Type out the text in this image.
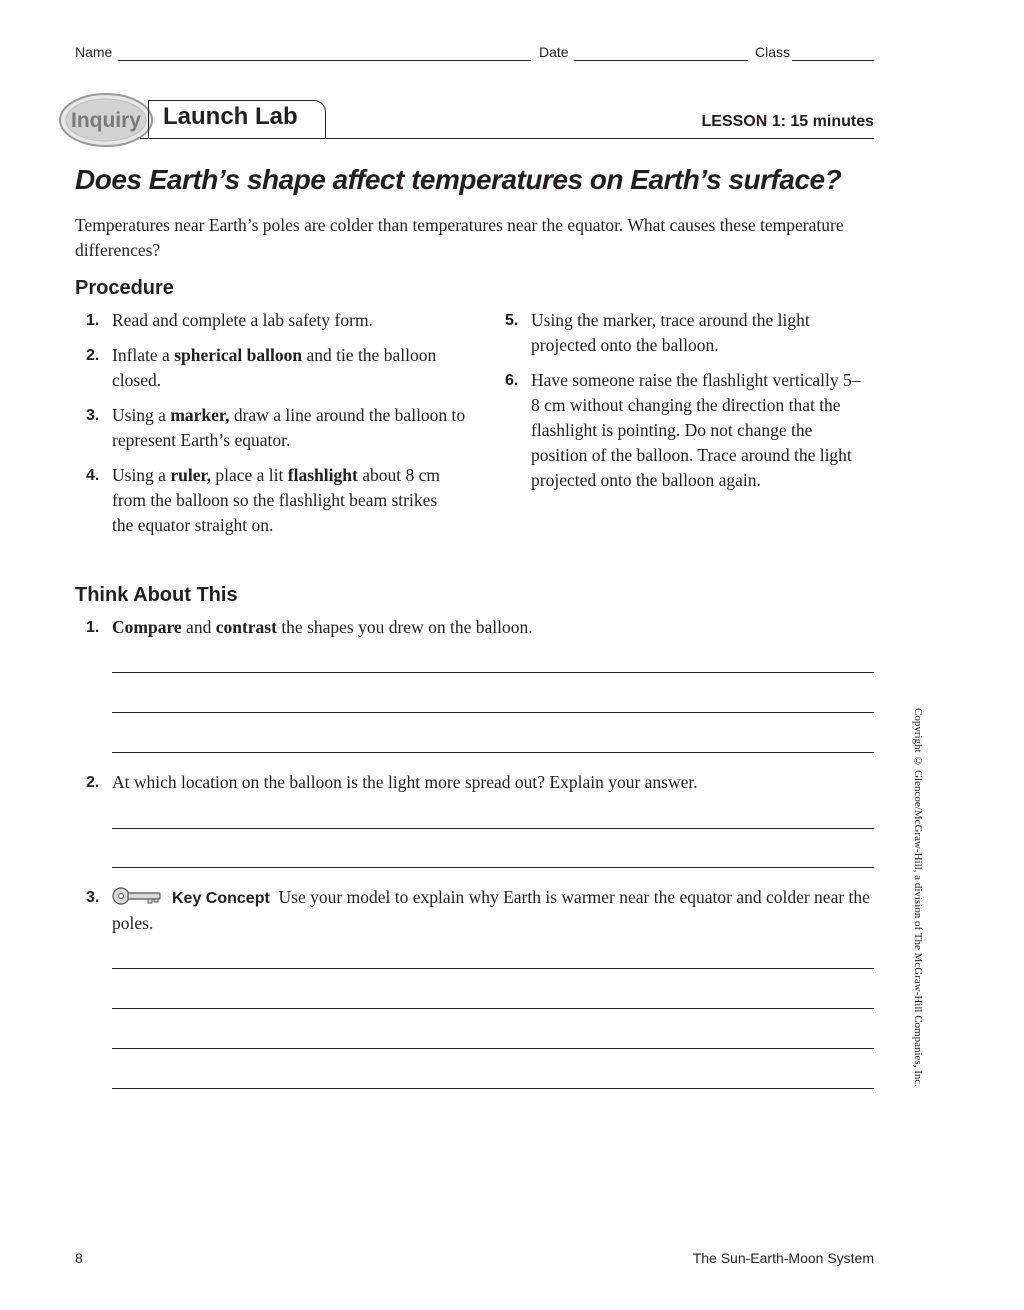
Name	Date	Class
Inquiry Launch Lab	LESSON 1: 15 minutes
Does Earth’s shape affect temperatures on Earth’s surface?
Temperatures near Earth’s poles are colder than temperatures near the equator. What causes these temperature differences?
Procedure
1. Read and complete a lab safety form.
2. Inflate a spherical balloon and tie the balloon closed.
3. Using a marker, draw a line around the balloon to represent Earth’s equator.
4. Using a ruler, place a lit flashlight about 8 cm from the balloon so the flashlight beam strikes the equator straight on.
5. Using the marker, trace around the light projected onto the balloon.
6. Have someone raise the flashlight vertically 5–8 cm without changing the direction that the flashlight is pointing. Do not change the position of the balloon. Trace around the light projected onto the balloon again.
Think About This
1. Compare and contrast the shapes you drew on the balloon.
2. At which location on the balloon is the light more spread out? Explain your answer.
3.	Key Concept Use your model to explain why Earth is warmer near the equator and colder near the poles.	Copyright © Glencoe/McGraw-Hill, a division of The McGraw-Hill Companies, Inc.
8	The Sun-Earth-Moon System
